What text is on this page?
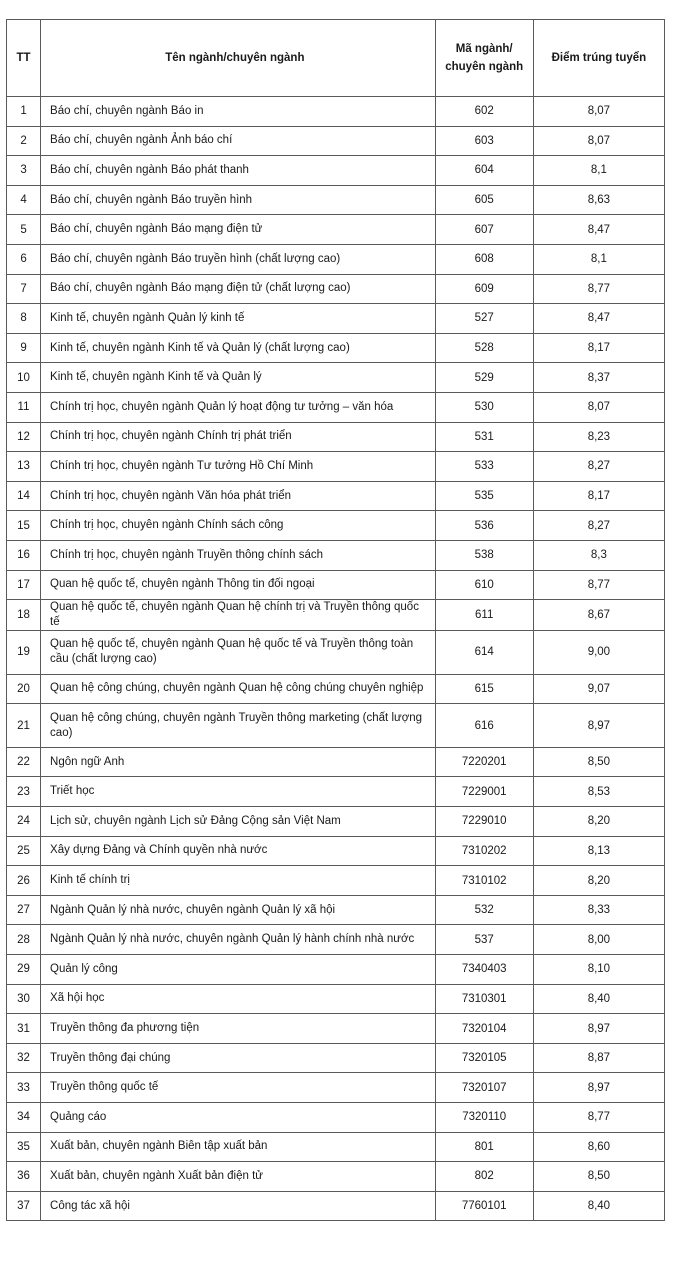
TT	Tên ngành/chuyên ngành	Mã ngành/
chuyên ngành	Điểm trúng tuyển
1	Báo chí, chuyên ngành Báo in	602	8,07
2	Báo chí, chuyên ngành Ảnh báo chí	603	8,07
3	Báo chí, chuyên ngành Báo phát thanh	604	8,1
4	Báo chí, chuyên ngành Báo truyền hình	605	8,63
5	Báo chí, chuyên ngành Báo mạng điện tử	607	8,47
6	Báo chí, chuyên ngành Báo truyền hình (chất lượng cao)	608	8,1
7	Báo chí, chuyên ngành Báo mạng điện tử (chất lượng cao)	609	8,77
8	Kinh tế, chuyên ngành Quản lý kinh tế	527	8,47
9	Kinh tế, chuyên ngành Kinh tế và Quản lý (chất lượng cao)	528	8,17
10	Kinh tế, chuyên ngành Kinh tế và Quản lý	529	8,37
11	Chính trị học, chuyên ngành Quản lý hoạt động tư tưởng – văn hóa	530	8,07
12	Chính trị học, chuyên ngành Chính trị phát triển	531	8,23
13	Chính trị học, chuyên ngành Tư tưởng Hồ Chí Minh	533	8,27
14	Chính trị học, chuyên ngành Văn hóa phát triển	535	8,17
15	Chính trị học, chuyên ngành Chính sách công	536	8,27
16	Chính trị học, chuyên ngành Truyền thông chính sách	538	8,3
17	Quan hệ quốc tế, chuyên ngành Thông tin đối ngoại	610	8,77
18	Quan hệ quốc tế, chuyên ngành Quan hệ chính trị và Truyền thông quốc tế	611	8,67
19	Quan hệ quốc tế, chuyên ngành Quan hệ quốc tế và Truyền thông toàn cầu (chất lượng cao)	614	9,00
20	Quan hệ công chúng, chuyên ngành Quan hệ công chúng chuyên nghiệp	615	9,07
21	Quan hệ công chúng, chuyên ngành Truyền thông marketing (chất lượng cao)	616	8,97
22	Ngôn ngữ Anh	7220201	8,50
23	Triết học	7229001	8,53
24	Lịch sử, chuyên ngành Lịch sử Đảng Cộng sản Việt Nam	7229010	8,20
25	Xây dựng Đảng và Chính quyền nhà nước	7310202	8,13
26	Kinh tế chính trị	7310102	8,20
27	Ngành Quản lý nhà nước, chuyên ngành Quản lý xã hội	532	8,33
28	Ngành Quản lý nhà nước, chuyên ngành Quản lý hành chính nhà nước	537	8,00
29	Quản lý công	7340403	8,10
30	Xã hội học	7310301	8,40
31	Truyền thông đa phương tiện	7320104	8,97
32	Truyền thông đại chúng	7320105	8,87
33	Truyền thông quốc tế	7320107	8,97
34	Quảng cáo	7320110	8,77
35	Xuất bản, chuyên ngành Biên tập xuất bản	801	8,60
36	Xuất bản, chuyên ngành Xuất bản điện tử	802	8,50
37	Công tác xã hội	7760101	8,40
